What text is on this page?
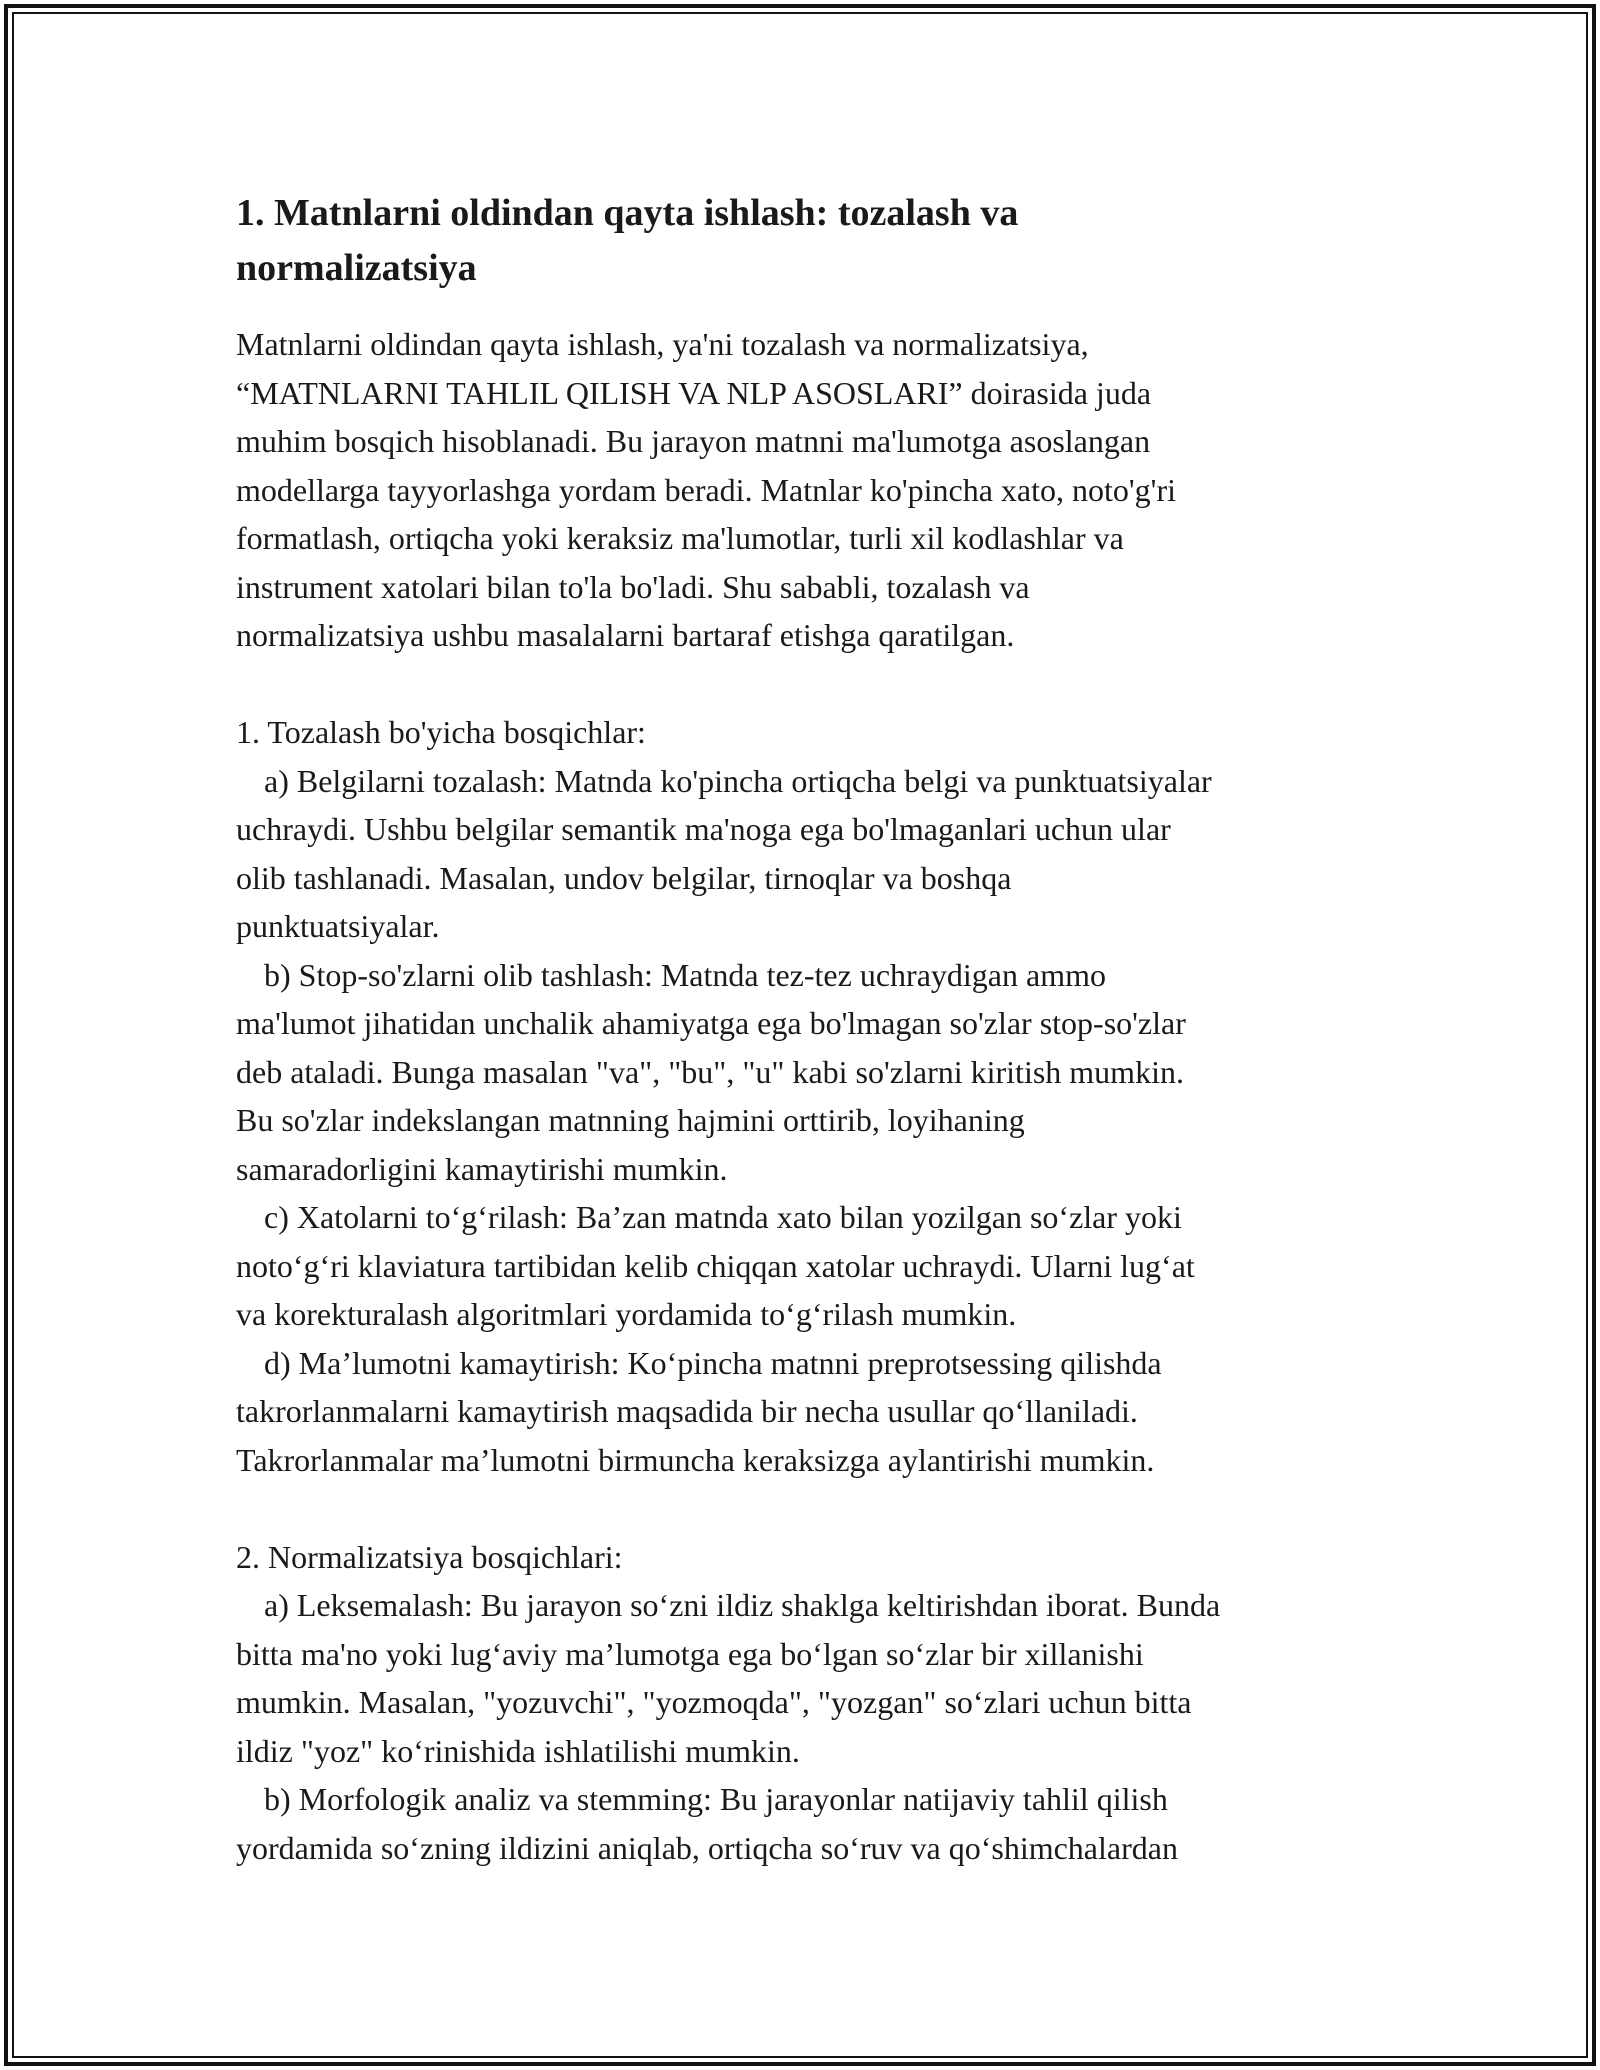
1. Matnlarni oldindan qayta ishlash: tozalash va normalizatsiya
Matnlarni oldindan qayta ishlash, ya'ni tozalash va normalizatsiya,
“MATNLARNI TAHLIL QILISH VA NLP ASOSLARI” doirasida juda
muhim bosqich hisoblanadi. Bu jarayon matnni ma'lumotga asoslangan
modellarga tayyorlashga yordam beradi. Matnlar ko'pincha xato, noto'g'ri
formatlash, ortiqcha yoki keraksiz ma'lumotlar, turli xil kodlashlar va
instrument xatolari bilan to'la bo'ladi. Shu sababli, tozalash va
normalizatsiya ushbu masalalarni bartaraf etishga qaratilgan.
1. Tozalash bo'yicha bosqichlar:
a) Belgilarni tozalash: Matnda ko'pincha ortiqcha belgi va punktuatsiyalar
uchraydi. Ushbu belgilar semantik ma'noga ega bo'lmaganlari uchun ular
olib tashlanadi. Masalan, undov belgilar, tirnoqlar va boshqa
punktuatsiyalar.
b) Stop-so'zlarni olib tashlash: Matnda tez-tez uchraydigan ammo
ma'lumot jihatidan unchalik ahamiyatga ega bo'lmagan so'zlar stop-so'zlar
deb ataladi. Bunga masalan "va", "bu", "u" kabi so'zlarni kiritish mumkin.
Bu so'zlar indekslangan matnning hajmini orttirib, loyihaning
samaradorligini kamaytirishi mumkin.
c) Xatolarni to‘g‘rilash: Ba’zan matnda xato bilan yozilgan so‘zlar yoki
noto‘g‘ri klaviatura tartibidan kelib chiqqan xatolar uchraydi. Ularni lug‘at
va korekturalash algoritmlari yordamida to‘g‘rilash mumkin.
d) Ma’lumotni kamaytirish: Ko‘pincha matnni preprotsessing qilishda
takrorlanmalarni kamaytirish maqsadida bir necha usullar qo‘llaniladi.
Takrorlanmalar ma’lumotni birmuncha keraksizga aylantirishi mumkin.
2. Normalizatsiya bosqichlari:
a) Leksemalash: Bu jarayon so‘zni ildiz shaklga keltirishdan iborat. Bunda
bitta ma'no yoki lug‘aviy ma’lumotga ega bo‘lgan so‘zlar bir xillanishi
mumkin. Masalan, "yozuvchi", "yozmoqda", "yozgan" so‘zlari uchun bitta
ildiz "yoz" ko‘rinishida ishlatilishi mumkin.
b) Morfologik analiz va stemming: Bu jarayonlar natijaviy tahlil qilish
yordamida so‘zning ildizini aniqlab, ortiqcha so‘ruv va qo‘shimchalardan
